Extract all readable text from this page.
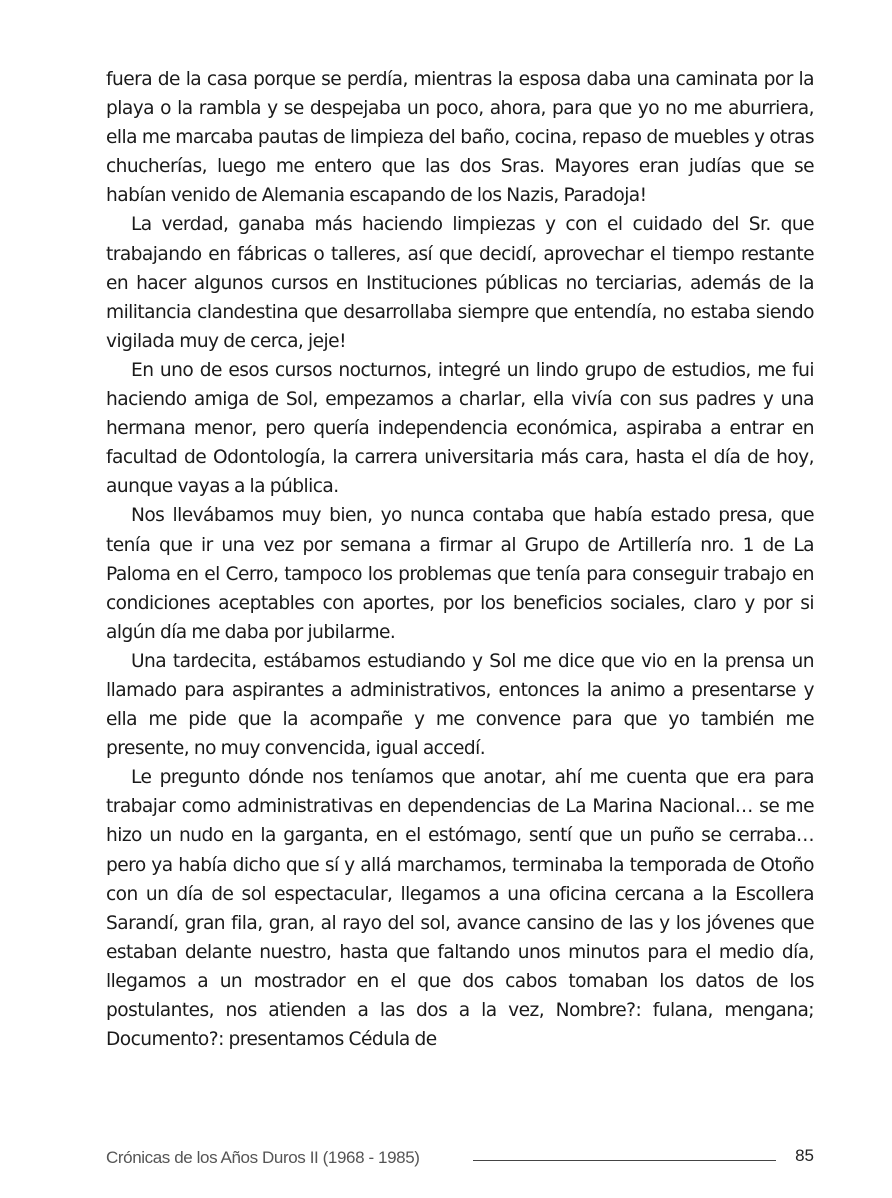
fuera de la casa porque se perdía, mientras la esposa daba una caminata por la playa o la rambla y se despejaba un poco, ahora, para que yo no me aburriera, ella me marcaba pautas de limpieza del baño, cocina, repaso de muebles y otras chucherías, luego me entero que las dos Sras. Mayores eran judías que se habían venido de Alemania escapando de los Nazis, Paradoja!

La verdad, ganaba más haciendo limpiezas y con el cuidado del Sr. que trabajando en fábricas o talleres, así que decidí, aprovechar el tiempo restante en hacer algunos cursos en Instituciones públicas no terciarias, además de la militancia clandestina que desarrollaba siempre que entendía, no estaba siendo vigilada muy de cerca, jeje!

En uno de esos cursos nocturnos, integré un lindo grupo de estudios, me fui haciendo amiga de Sol, empezamos a charlar, ella vivía con sus padres y una hermana menor, pero quería independencia económica, aspiraba a entrar en facultad de Odontología, la carrera universitaria más cara, hasta el día de hoy, aunque vayas a la pública.

Nos llevábamos muy bien, yo nunca contaba que había estado presa, que tenía que ir una vez por semana a firmar al Grupo de Artillería nro. 1 de La Paloma en el Cerro, tampoco los problemas que tenía para conseguir trabajo en condiciones aceptables con aportes, por los beneficios sociales, claro y por si algún día me daba por jubilarme.

Una tardecita, estábamos estudiando y Sol me dice que vio en la prensa un llamado para aspirantes a administrativos, entonces la animo a presentarse y ella me pide que la acompañe y me convence para que yo también me presente, no muy convencida, igual accedí.

Le pregunto dónde nos teníamos que anotar, ahí me cuenta que era para trabajar como administrativas en dependencias de La Marina Nacional… se me hizo un nudo en la garganta, en el estómago, sentí que un puño se cerraba… pero ya había dicho que sí y allá marchamos, terminaba la temporada de Otoño con un día de sol espectacular, llegamos a una oficina cercana a la Escollera Sarandí, gran fila, gran, al rayo del sol, avance cansino de las y los jóvenes que estaban delante nuestro, hasta que faltando unos minutos para el medio día, llegamos a un mostrador en el que dos cabos tomaban los datos de los postulantes, nos atienden a las dos a la vez, Nombre?: fulana, mengana; Documento?: presentamos Cédula de

Crónicas de los Años Duros II (1968 - 1985)	85
